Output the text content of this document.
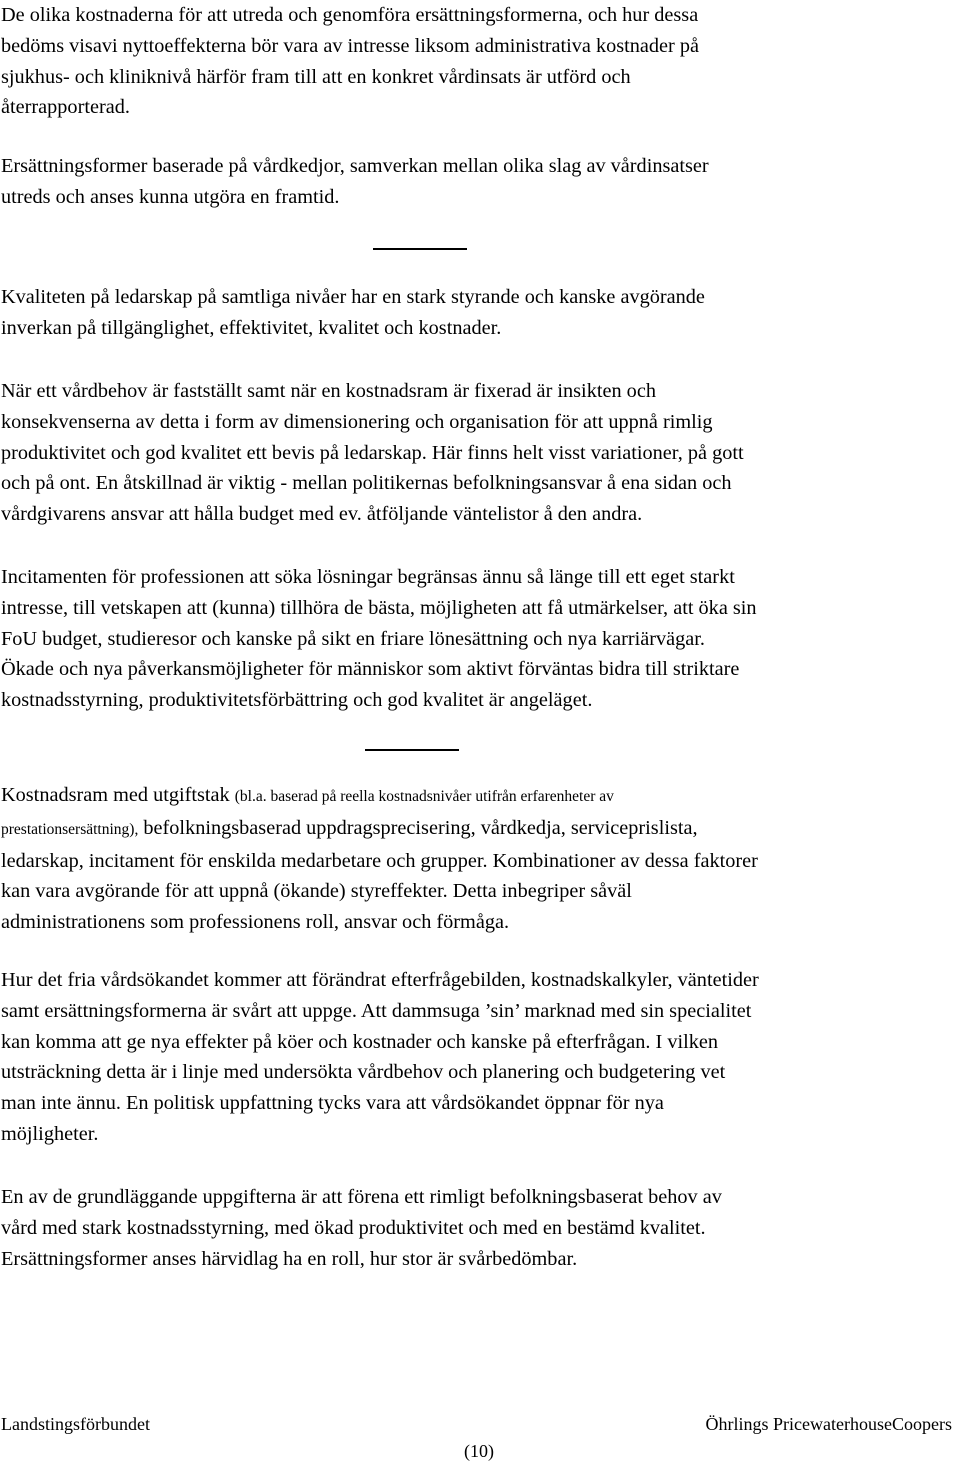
De olika kostnaderna för att utreda och genomföra ersättningsformerna, och hur dessa
bedöms visavi nyttoeffekterna bör vara av intresse liksom administrativa kostnader på
sjukhus- och kliniknivå härför fram till att en konkret vårdinsats är utförd och
återrapporterad.
Ersättningsformer baserade på vårdkedjor, samverkan mellan olika slag av vårdinsatser
utreds och anses kunna utgöra en framtid.
Kvaliteten på ledarskap på samtliga nivåer har en stark styrande och kanske avgörande
inverkan på tillgänglighet, effektivitet, kvalitet och kostnader.
När ett vårdbehov är fastställt samt när en kostnadsram är fixerad är insikten och
konsekvenserna av detta i form av dimensionering och organisation för att uppnå rimlig
produktivitet och god kvalitet ett bevis på ledarskap. Här finns helt visst variationer, på gott
och på ont. En åtskillnad är viktig - mellan politikernas befolkningsansvar å ena sidan och
vårdgivarens ansvar att hålla budget med ev. åtföljande väntelistor å den andra.
Incitamenten för professionen att söka lösningar begränsas ännu så länge till ett eget starkt
intresse, till vetskapen att (kunna) tillhöra de bästa, möjligheten att få utmärkelser, att öka sin
FoU budget, studieresor och kanske på sikt en friare lönesättning och nya karriärvägar.
Ökade och nya påverkansmöjligheter för människor som aktivt förväntas bidra till striktare
kostnadsstyrning, produktivitetsförbättring och god kvalitet är angeläget.
Kostnadsram med utgiftstak (bl.a. baserad på reella kostnadsnivåer utifrån erfarenheter av
prestationsersättning), befolkningsbaserad uppdragsprecisering, vårdkedja, serviceprislista,
ledarskap, incitament för enskilda medarbetare och grupper. Kombinationer av dessa faktorer
kan vara avgörande för att uppnå (ökande) styreffekter. Detta inbegriper såväl
administrationens som professionens roll, ansvar och förmåga.
Hur det fria vårdsökandet kommer att förändrat efterfrågebilden, kostnadskalkyler, väntetider
samt ersättningsformerna är svårt att uppge. Att dammsuga ’sin’ marknad med sin specialitet
kan komma att ge nya effekter på köer och kostnader och kanske på efterfrågan. I vilken
utsträckning detta är i linje med undersökta vårdbehov och planering och budgetering vet
man inte ännu. En politisk uppfattning tycks vara att vårdsökandet öppnar för nya
möjligheter.
En av de grundläggande uppgifterna är att förena ett rimligt befolkningsbaserat behov av
vård med stark kostnadsstyrning, med ökad produktivitet och med en bestämd kvalitet.
Ersättningsformer anses härvidlag ha en roll, hur stor är svårbedömbar.
Landstingsförbundet	Öhrlings PricewaterhouseCoopers
(10)
